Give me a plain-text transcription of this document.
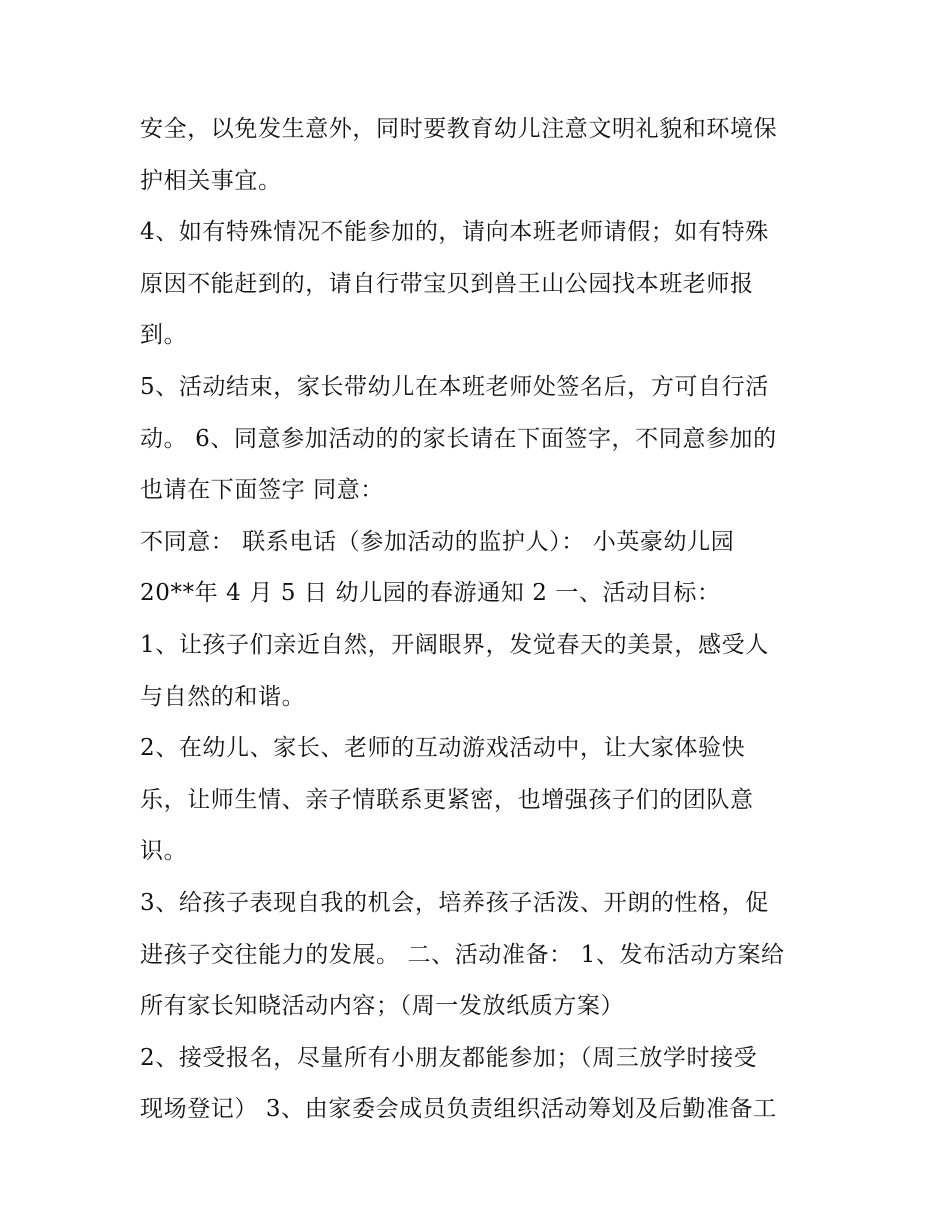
安全，以免发生意外，同时要教育幼儿注意文明礼貌和环境保
护相关事宜。
4、如有特殊情况不能参加的，请向本班老师请假；如有特殊
原因不能赶到的，请自行带宝贝到兽王山公园找本班老师报
到。
5、活动结束，家长带幼儿在本班老师处签名后，方可自行活
动。 6、同意参加活动的的家长请在下面签字，不同意参加的
也请在下面签字 同意：
不同意： 联系电话（参加活动的监护人）： 小英豪幼儿园
20**年 4 月 5 日 幼儿园的春游通知 2 一、活动目标：
1、让孩子们亲近自然，开阔眼界，发觉春天的美景，感受人
与自然的和谐。
2、在幼儿、家长、老师的互动游戏活动中，让大家体验快
乐，让师生情、亲子情联系更紧密，也增强孩子们的团队意
识。
3、给孩子表现自我的机会，培养孩子活泼、开朗的性格，促
进孩子交往能力的发展。 二、活动准备： 1、发布活动方案给
所有家长知晓活动内容；（周一发放纸质方案）
2、接受报名，尽量所有小朋友都能参加；（周三放学时接受
现场登记） 3、由家委会成员负责组织活动筹划及后勤准备工
